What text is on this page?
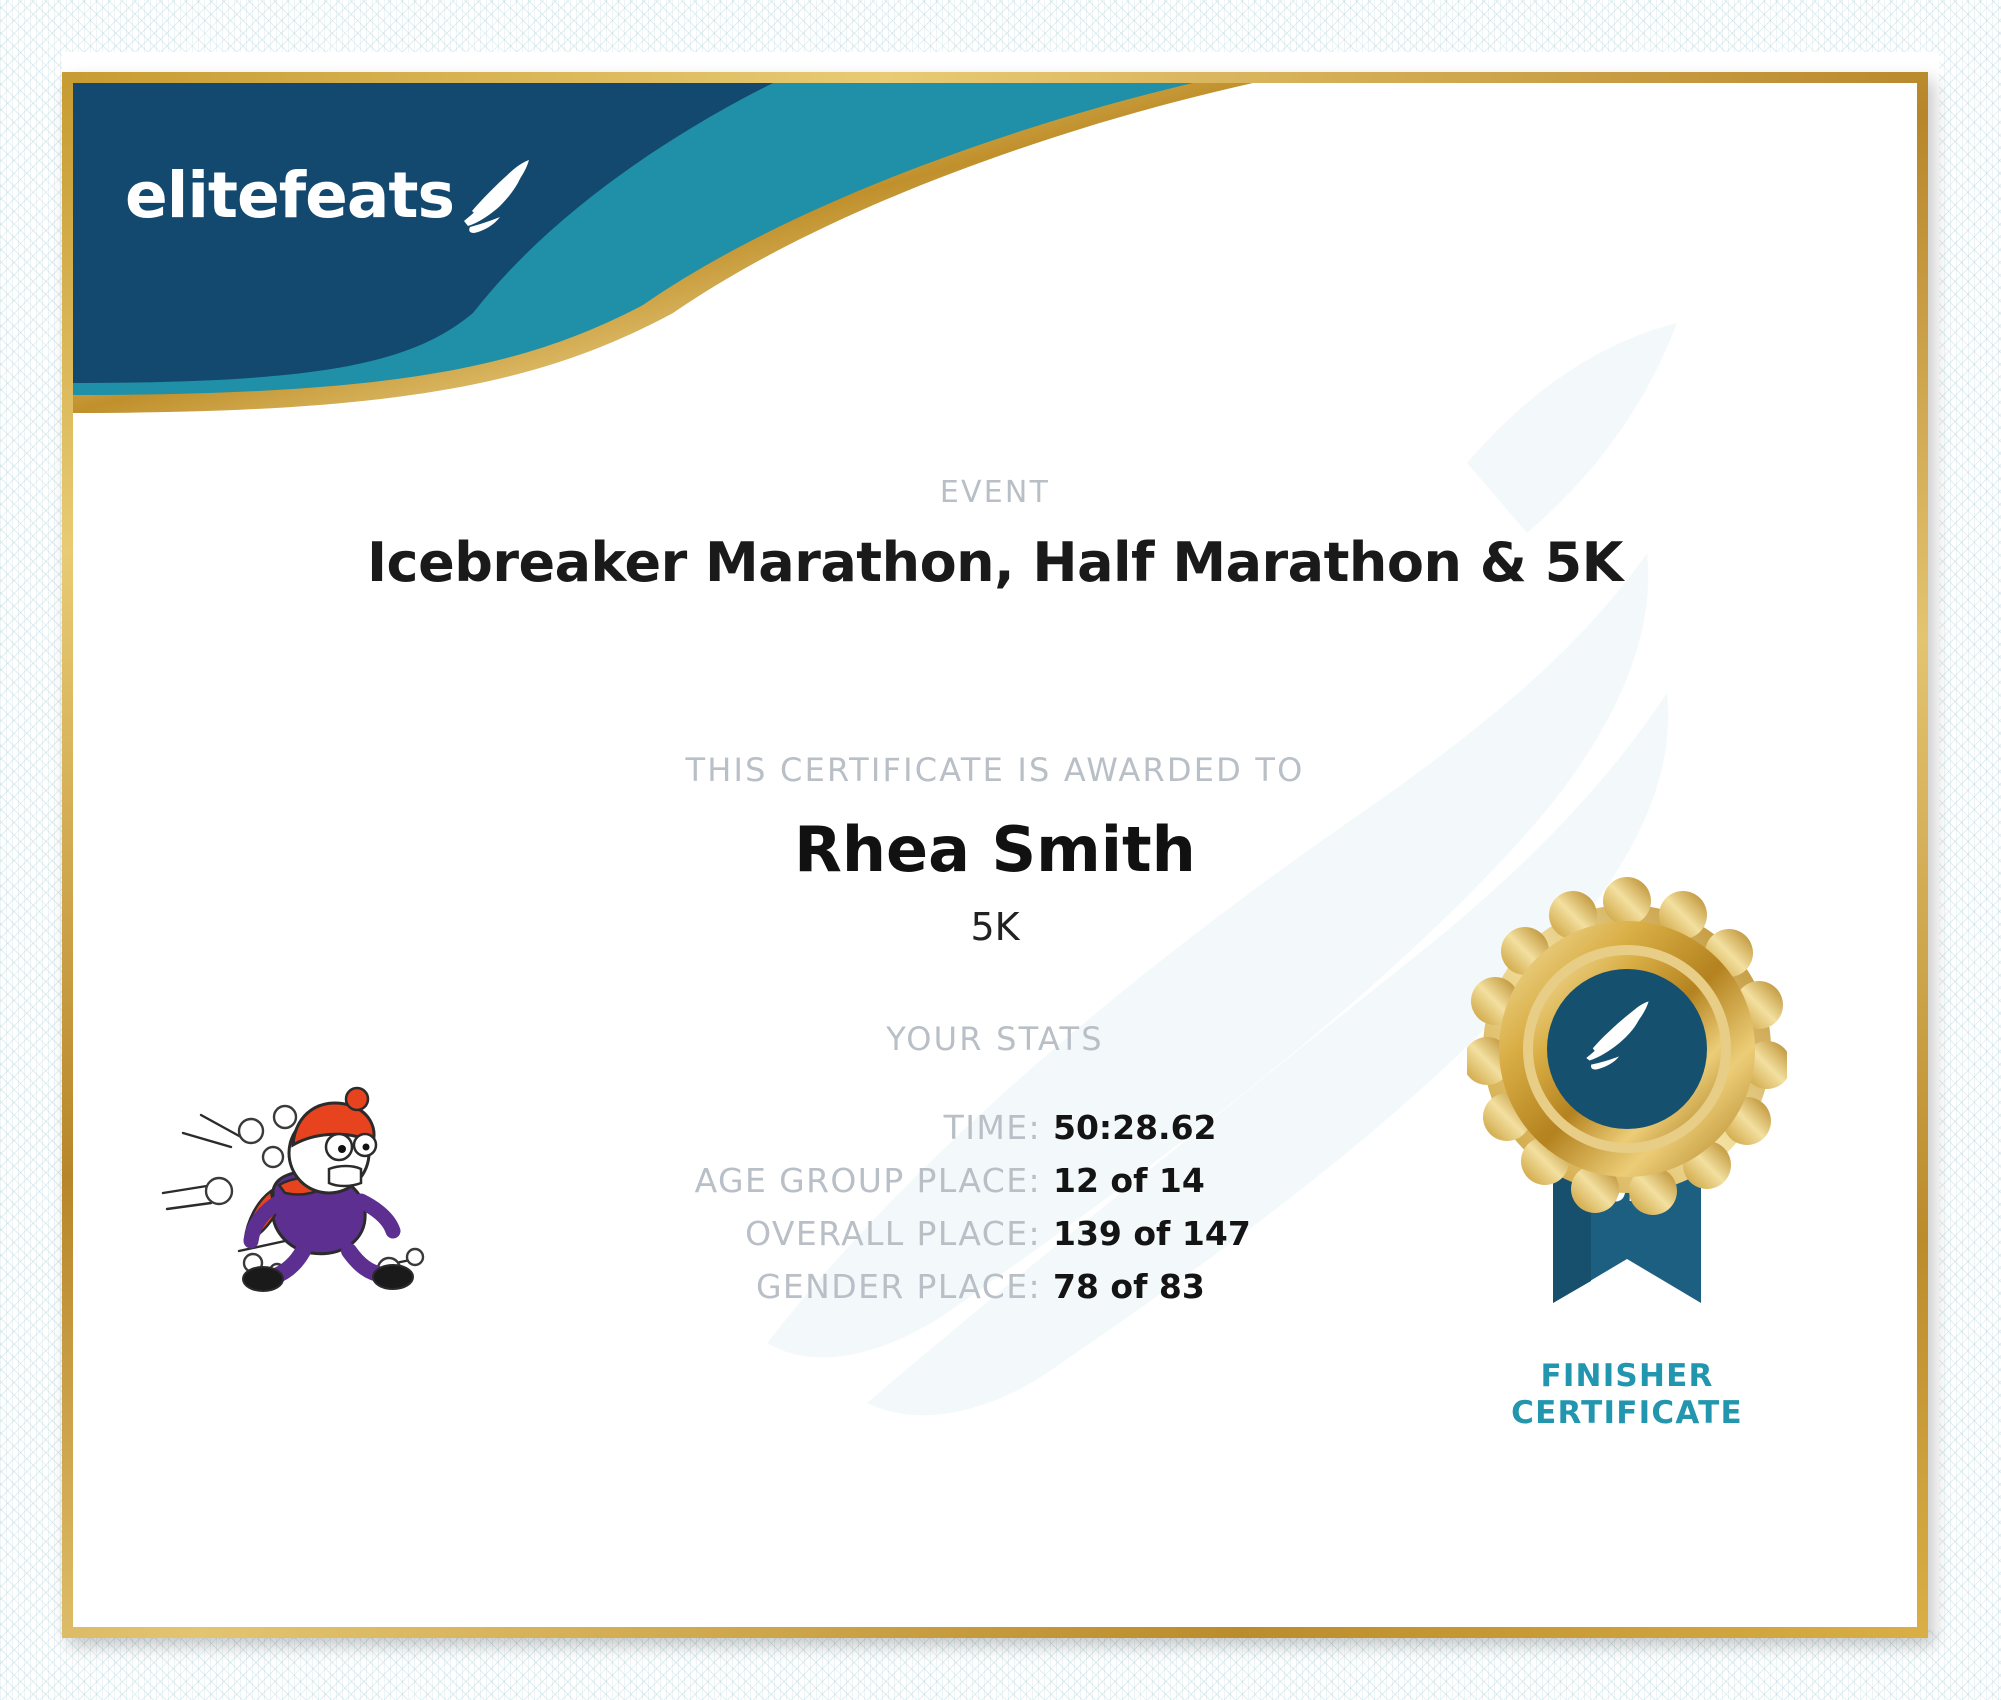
elitefeats
EVENT
Icebreaker Marathon, Half Marathon & 5K
THIS CERTIFICATE IS AWARDED TO
Rhea Smith
5K
YOUR STATS
TIME: 50:28.62
AGE GROUP PLACE: 12 of 14
OVERALL PLACE: 139 of 147
GENDER PLACE: 78 of 83
FINISHER
CERTIFICATE
